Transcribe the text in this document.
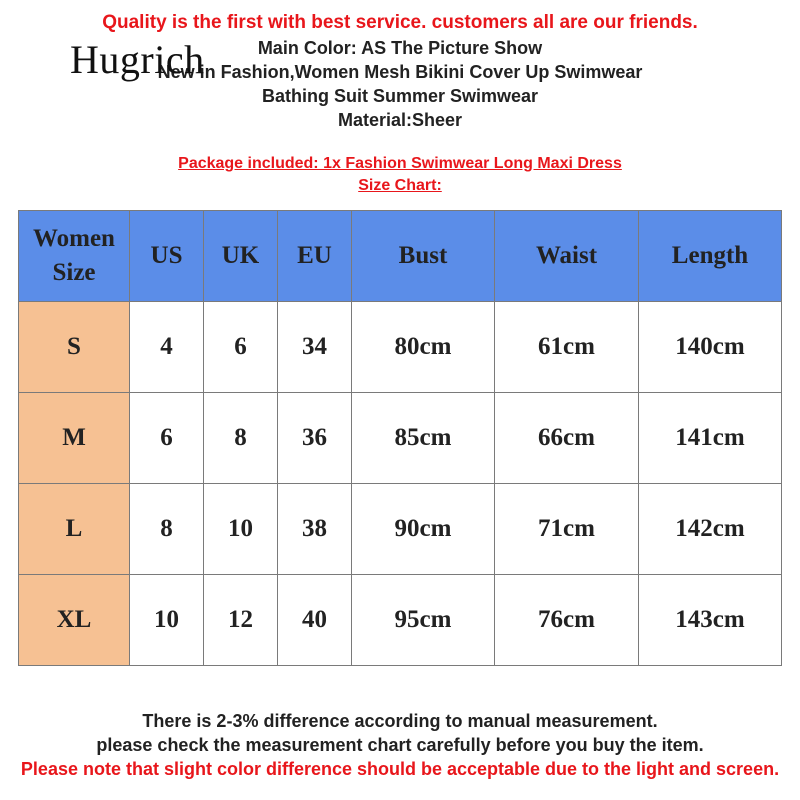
Hugrich
Quality is the first with best service. customers all are our friends.
Main Color: AS The Picture Show
New in Fashion,Women Mesh Bikini Cover Up Swimwear
Bathing Suit Summer Swimwear
Material:Sheer
Package included: 1x Fashion Swimwear Long Maxi Dress
Size Chart:
Women
Size	US	UK	EU	Bust	Waist	Length
S	4	6	34	80cm	61cm	140cm
M	6	8	36	85cm	66cm	141cm
L	8	10	38	90cm	71cm	142cm
XL	10	12	40	95cm	76cm	143cm
There is 2-3% difference according to manual measurement.
please check the measurement chart carefully before you buy the item.
Please note that slight color difference should be acceptable due to the light and screen.
